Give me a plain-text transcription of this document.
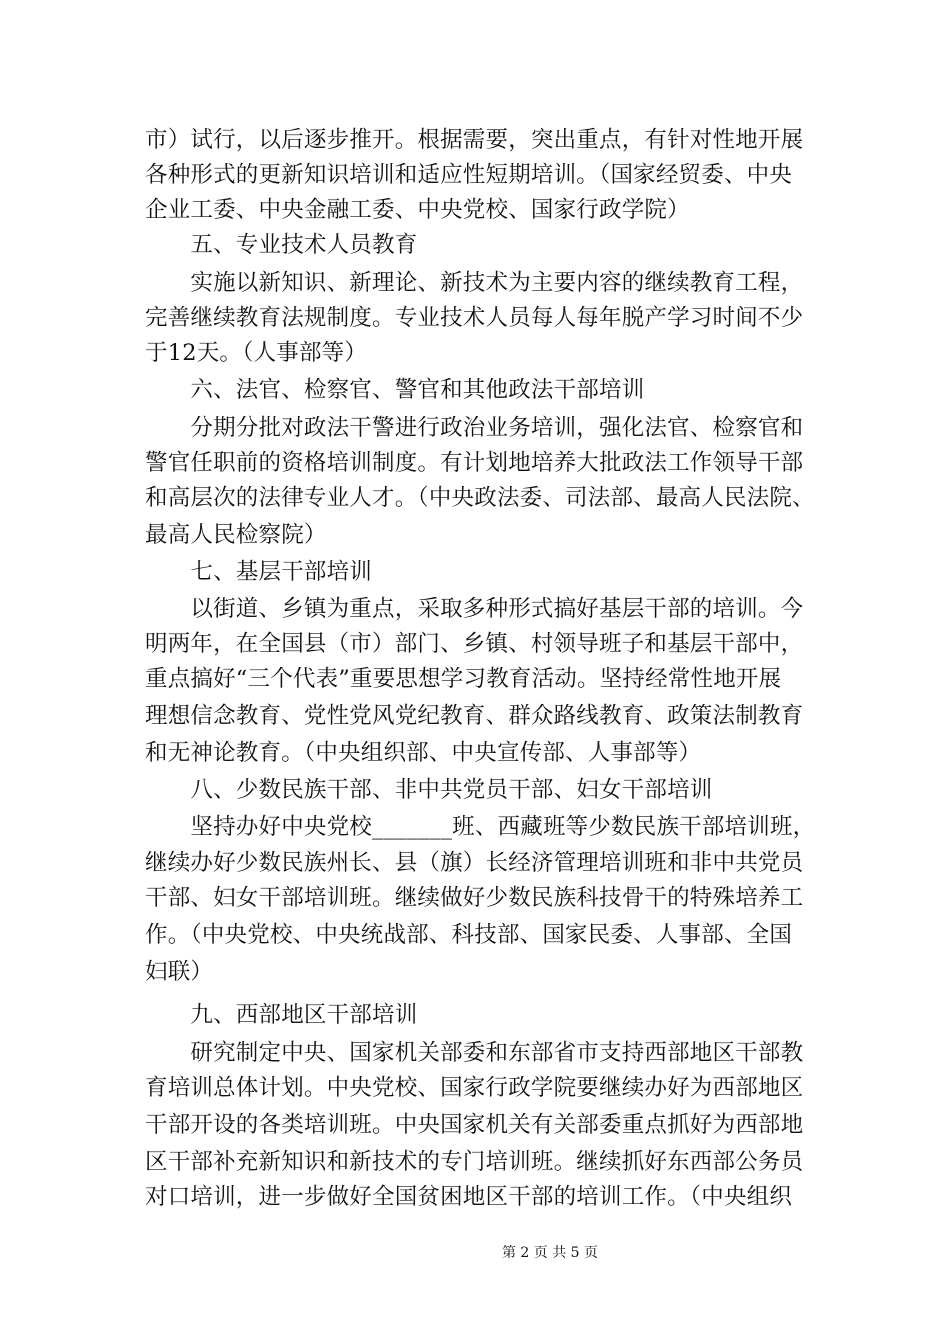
市）试行，以后逐步推开。根据需要，突出重点，有针对性地开展
各种形式的更新知识培训和适应性短期培训。（国家经贸委、中央
企业工委、中央金融工委、中央党校、国家行政学院）
　　五、专业技术人员教育
　　实施以新知识、新理论、新技术为主要内容的继续教育工程，
完善继续教育法规制度。专业技术人员每人每年脱产学习时间不少
于12天。（人事部等）
　　六、法官、检察官、警官和其他政法干部培训
　　分期分批对政法干警进行政治业务培训，强化法官、检察官和
警官任职前的资格培训制度。有计划地培养大批政法工作领导干部
和高层次的法律专业人才。（中央政法委、司法部、最高人民法院、
最高人民检察院）
　　七、基层干部培训
　　以街道、乡镇为重点，采取多种形式搞好基层干部的培训。今
明两年，在全国县（市）部门、乡镇、村领导班子和基层干部中，
重点搞好“三个代表”重要思想学习教育活动。坚持经常性地开展
理想信念教育、党性党风党纪教育、群众路线教育、政策法制教育
和无神论教育。（中央组织部、中央宣传部、人事部等）
　　八、少数民族干部、非中共党员干部、妇女干部培训
　　坚持办好中央党校_______班、西藏班等少数民族干部培训班，
继续办好少数民族州长、县（旗）长经济管理培训班和非中共党员
干部、妇女干部培训班。继续做好少数民族科技骨干的特殊培养工
作。（中央党校、中央统战部、科技部、国家民委、人事部、全国
妇联）
　　九、西部地区干部培训
　　研究制定中央、国家机关部委和东部省市支持西部地区干部教
育培训总体计划。中央党校、国家行政学院要继续办好为西部地区
干部开设的各类培训班。中央国家机关有关部委重点抓好为西部地
区干部补充新知识和新技术的专门培训班。继续抓好东西部公务员
对口培训，进一步做好全国贫困地区干部的培训工作。（中央组织
第 2 页 共 5 页
